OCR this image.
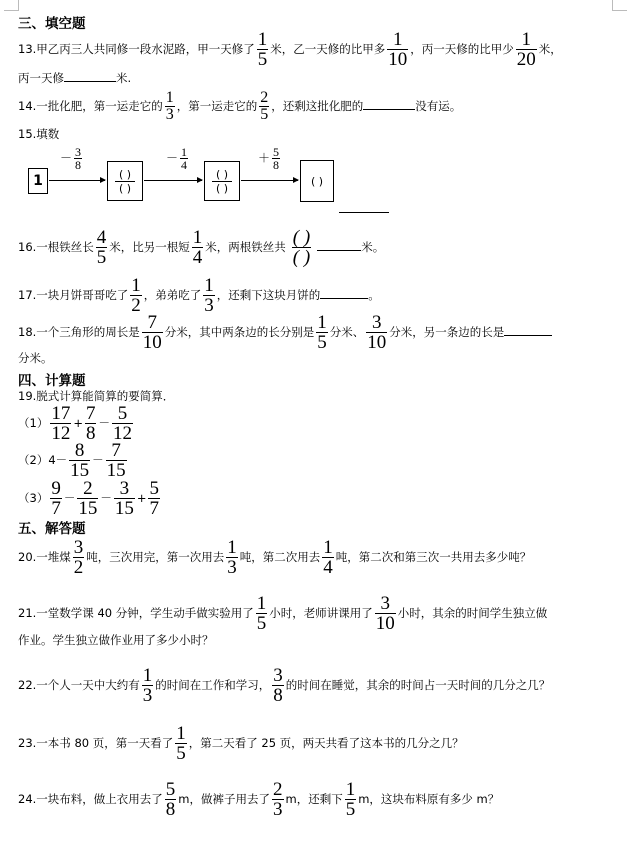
三、填空题
13.甲乙丙三人共同修一段水泥路，甲一天修了 $\frac{1}{5}$ 米，乙一天修的比甲多 $\frac{1}{10}$ ，丙一天修的比甲少 $\frac{1}{20}$ 米，
丙一天修	米.
14.一批化肥，第一运走它的 $\frac{1}{3}$ ，第一运走它的 $\frac{2}{5}$ ，还剩这批化肥的	没有运。
15.填数
1
－ $\frac{3}{8}$
( )
( )
－ $\frac{1}{4}$
( )
( )
＋ $\frac{5}{8}$
( )
16.一根铁丝长 $\frac{4}{5}$ 米，比另一根短 $\frac{1}{4}$ 米，两根铁丝共 ( )
( )	米。
17.一块月饼哥哥吃了 $\frac{1}{2}$ ，弟弟吃了 $\frac{1}{3}$ ，还剩下这块月饼的	。
18.一个三角形的周长是 $\frac{7}{10}$ 分米，其中两条边的长分别是 $\frac{1}{5}$ 分米、 $\frac{3}{10}$ 分米，另一条边的长是
分米。
四、计算题
19.脱式计算能简算的要简算．
$(1) \frac{17}{12} + \frac{7}{8} - \frac{5}{12}$
$(2)4- \frac{8}{15} - \frac{7}{15}$
$(3) \frac{9}{7} - \frac{2}{15} - \frac{3}{15} + \frac{5}{7}$
五、解答题
20.一堆煤 $\frac{3}{2}$ 吨，三次用完，第一次用去 $\frac{1}{3}$ 吨，第二次用去 $\frac{1}{4}$ 吨，第二次和第三次一共用去多少吨？
21.一堂数学课 40 分钟，学生动手做实验用了 $\frac{1}{5}$ 小时，老师讲课用了 $\frac{3}{10}$ 小时，其余的时间学生独立做
作业。学生独立做作业用了多少小时？
22.一个人一天中大约有 $\frac{1}{3}$ 的时间在工作和学习， $\frac{3}{8}$ 的时间在睡觉，其余的时间占一天时间的几分之几？
23.一本书 80 页，第一天看了 $\frac{1}{5}$ ，第二天看了 25 页，两天共看了这本书的几分之几？
24.一块布料，做上衣用去了 $\frac{5}{8}$ m，做裤子用去了 $\frac{2}{3}$ m，还剩下 $\frac{1}{5}$ m，这块布料原有多少 m？
